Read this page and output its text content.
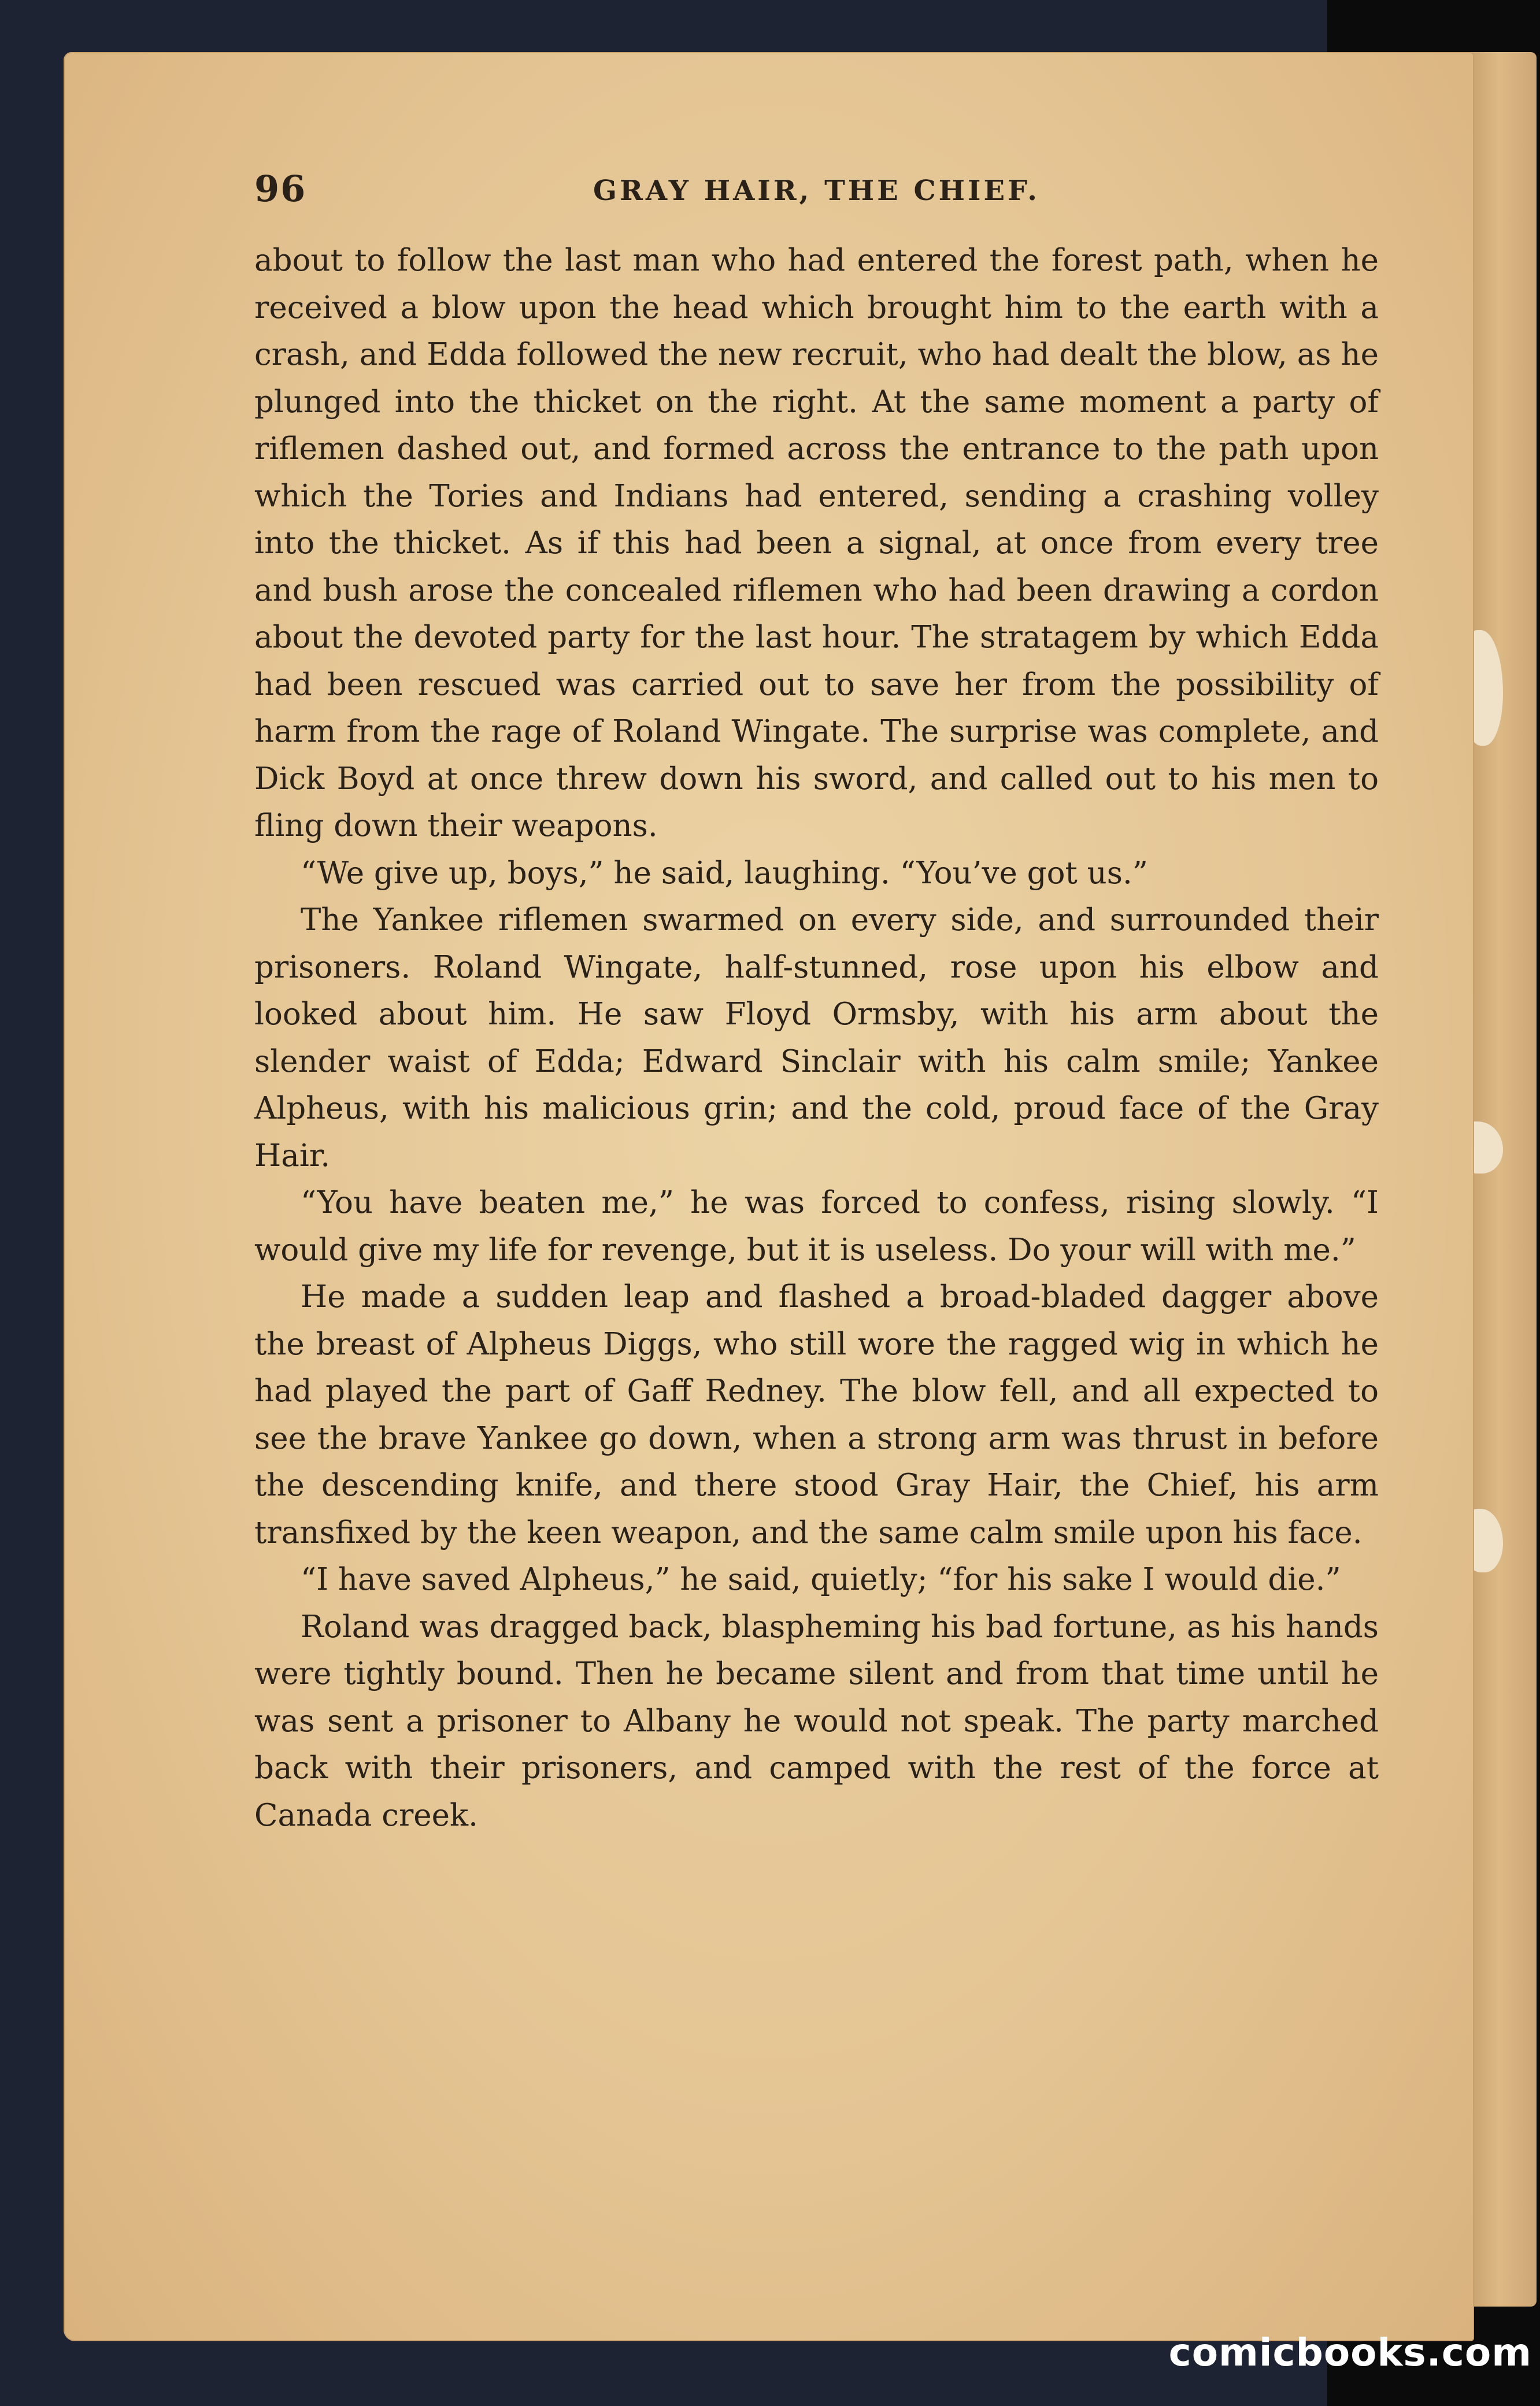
96	GRAY HAIR, THE CHIEF.

about to follow the last man who had entered the forest path, when he received a blow upon the head which brought him to the earth with a crash, and Edda followed the new recruit, who had dealt the blow, as he plunged into the thicket on the right. At the same moment a party of riflemen dashed out, and formed across the entrance to the path upon which the Tories and Indians had entered, sending a crashing volley into the thicket. As if this had been a signal, at once from every tree and bush arose the concealed riflemen who had been drawing a cordon about the devoted party for the last hour. The stratagem by which Edda had been rescued was carried out to save her from the possibility of harm from the rage of Roland Wingate. The surprise was complete, and Dick Boyd at once threw down his sword, and called out to his men to fling down their weapons.

“We give up, boys,” he said, laughing. “You’ve got us.”

The Yankee riflemen swarmed on every side, and surrounded their prisoners. Roland Wingate, half-stunned, rose upon his elbow and looked about him. He saw Floyd Ormsby, with his arm about the slender waist of Edda; Edward Sinclair with his calm smile; Yankee Alpheus, with his malicious grin; and the cold, proud face of the Gray Hair.

“You have beaten me,” he was forced to confess, rising slowly. “I would give my life for revenge, but it is useless. Do your will with me.”

He made a sudden leap and flashed a broad-bladed dagger above the breast of Alpheus Diggs, who still wore the ragged wig in which he had played the part of Gaff Redney. The blow fell, and all expected to see the brave Yankee go down, when a strong arm was thrust in before the descending knife, and there stood Gray Hair, the Chief, his arm transfixed by the keen weapon, and the same calm smile upon his face.

“I have saved Alpheus,” he said, quietly; “for his sake I would die.”

Roland was dragged back, blaspheming his bad fortune, as his hands were tightly bound. Then he became silent and from that time until he was sent a prisoner to Albany he would not speak. The party marched back with their prisoners, and camped with the rest of the force at Canada creek.

comicbooks.com
